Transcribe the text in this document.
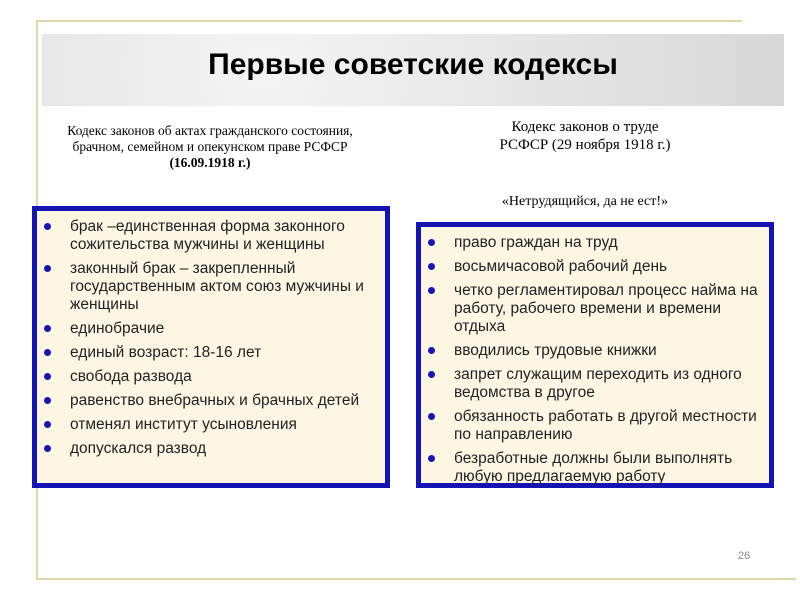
Первые советские кодексы
Кодекс законов об актах гражданского состояния,
брачном, семейном и опекунском праве РСФСР
(16.09.1918 г.)
Кодекс законов о труде
РСФСР (29 ноября 1918 г.)
«Нетрудящийся, да не ест!»
брак –единственная форма законного сожительства мужчины и женщины
законный брак – закрепленный государственным актом союз мужчины и женщины
единобрачие
единый возраст: 18-16 лет
свобода развода
равенство внебрачных и брачных детей
отменял институт усыновления
допускался развод
право граждан на труд
восьмичасовой рабочий день
четко регламентировал процесс найма на работу, рабочего времени и времени отдыха
вводились трудовые книжки
запрет служащим переходить из одного ведомства в другое
обязанность работать в другой местности по направлению
безработные должны были выполнять любую предлагаемую работу
26
